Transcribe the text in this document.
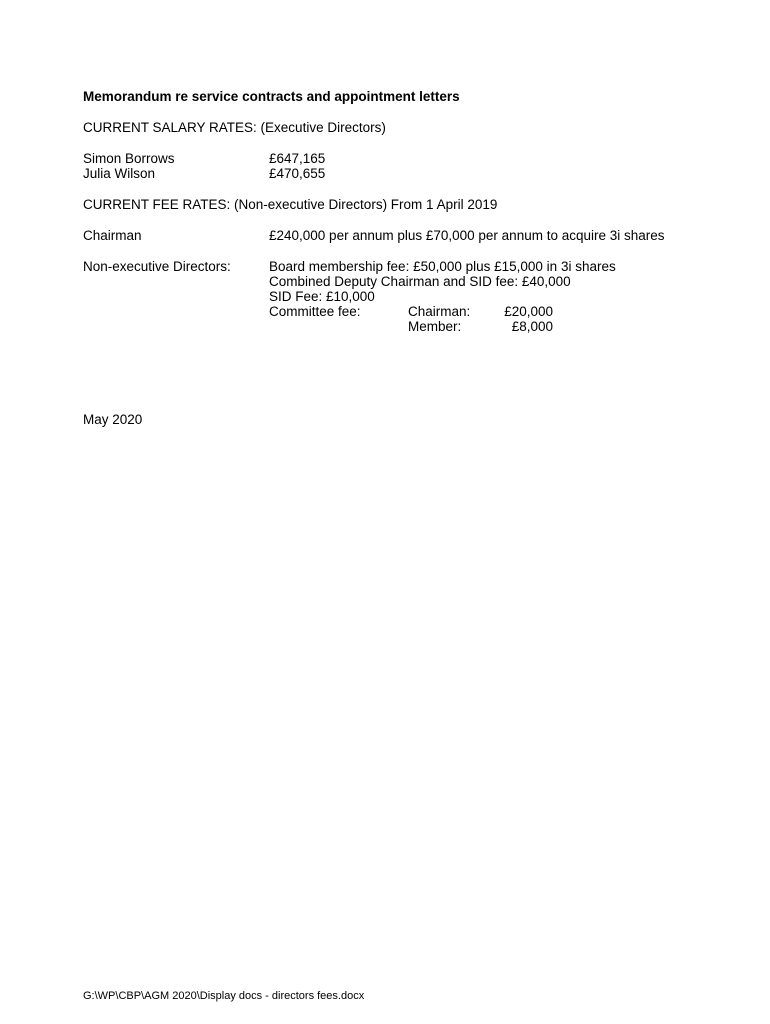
Memorandum re service contracts and appointment letters
CURRENT SALARY RATES: (Executive Directors)
Simon Borrows	£647,165
Julia Wilson	£470,655
CURRENT FEE RATES: (Non-executive Directors) From 1 April 2019
Chairman	£240,000 per annum plus £70,000 per annum to acquire 3i shares
Non-executive Directors:	Board membership fee: £50,000 plus £15,000 in 3i shares
Combined Deputy Chairman and SID fee: £40,000
SID Fee: £10,000
Committee fee:	Chairman:	£20,000
Member:	£8,000
May 2020
G:\WP\CBP\AGM 2020\Display docs - directors fees.docx
